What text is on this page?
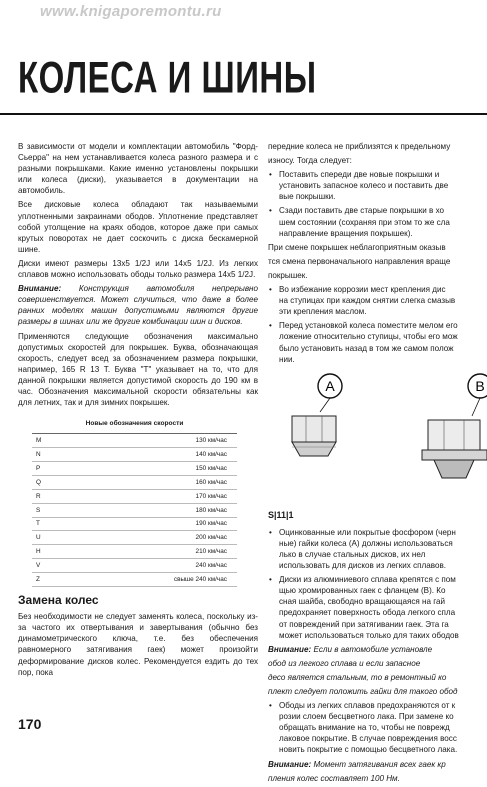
www.knigaporemontu.ru
КОЛЕСА И ШИНЫ

В зависимости от модели и комплектации автомобиль "Форд-Сьерра" на нем устанавливается колеса разного размера и с разными покрышками. Какие именно установлены покрышки или колеса (диски), указывается в документации на автомобиль.

Все дисковые колеса обладают так называемыми уплотненными закраинами ободов. Уплотнение представляет собой утолщение на краях ободов, которое даже при самых крутых поворотах не дает соскочить с диска бескамерной шине.

Диски имеют размеры 13x5 1/2J или 14x5 1/2J. Из легких сплавов можно использовать ободы только размера 14x5 1/2J.

Внимание: Конструкция автомобиля непрерывно совершенствуется. Может случиться, что даже в более ранних моделях машин допустимыми являются другие размеры в шинах или же другие комбинации шин и дисков.

Применяются следующие обозначения максимально допустимых скоростей для покрышек. Буква, обозначающая скорость, следует всед за обозначением размера покрышки, например, 165 R 13 Т. Буква "Т" указывает на то, что для данной покрышки является допустимой скорость до 190 км в час. Обозначения максимальной скорости обязательны как для летних, так и для зимних покрышек.

Новые обозначения скорости	
M	130 км/час
N	140 км/час
P	150 км/час
Q	160 км/час
R	170 км/час
S	180 км/час
T	190 км/час
U	200 км/час
H	210 км/час
V	240 км/час
Z	свыше 240 км/час
Замена колес

Без необходимости не следует заменять колеса, поскольку из-за частого их отвертывания и завертывания (обычно без динамометрического ключа, т.е. без обеспечения равномерного затягивания гаек) может произойти деформирование дисков колес. Рекомендуется ездить до тех пор, пока

передние колеса не приблизятся к предельному

износу. Тогда следует:

• Поставить спереди две новые покрышки и
установить запасное колесо и поставить две
вые покрышки.
• Сзади поставить две старые покрышки в хо
шем состоянии (сохраняя при этом то же сла
направление вращения покрышек).

При смене покрышек неблагоприятным оказыв

тся смена первоначального направления враще

покрышек.

• Во избежание коррозии мест крепления дис
на ступицах при каждом снятии слегка смазыв
эти крепления маслом.
• Перед установкой колеса поместите мелом его
ложение относительно ступицы, чтобы его мож
было установить назад в том же самом полож
нии.
A	B
S|11|1
• Оцинкованные или покрытые фосфором (черн
ные) гайки колеса (А) должны использоваться
лько в случае стальных дисков, их нел
использовать для дисков из легких сплавов.
• Диски из алюминиевого сплава крепятся с пом
щью хромированных гаек с фланцем (B). Ко
сная шайба, свободно вращающаяся на гай
предохраняет поверхность обода легкого спла
от повреждений при затягивании гаек. Эта га
может использоваться только для таких ободов

Внимание: Если в автомобиле установле

обод из легкого сплава и если запасное

десо является стальным, то в ремонтный ко

плект следует положить гайки для такого обод

• Ободы из легких сплавов предохраняются от к
розии слоем бесцветного лака. При замене ко
обращать внимание на то, чтобы не поврежд
лаковое покрытие. В случае повреждения восс
новить покрытие с помощью бесцветного лака.

Внимание: Момент затягивания всех гаек кр

пления колес составляет 100 Нм.

170
